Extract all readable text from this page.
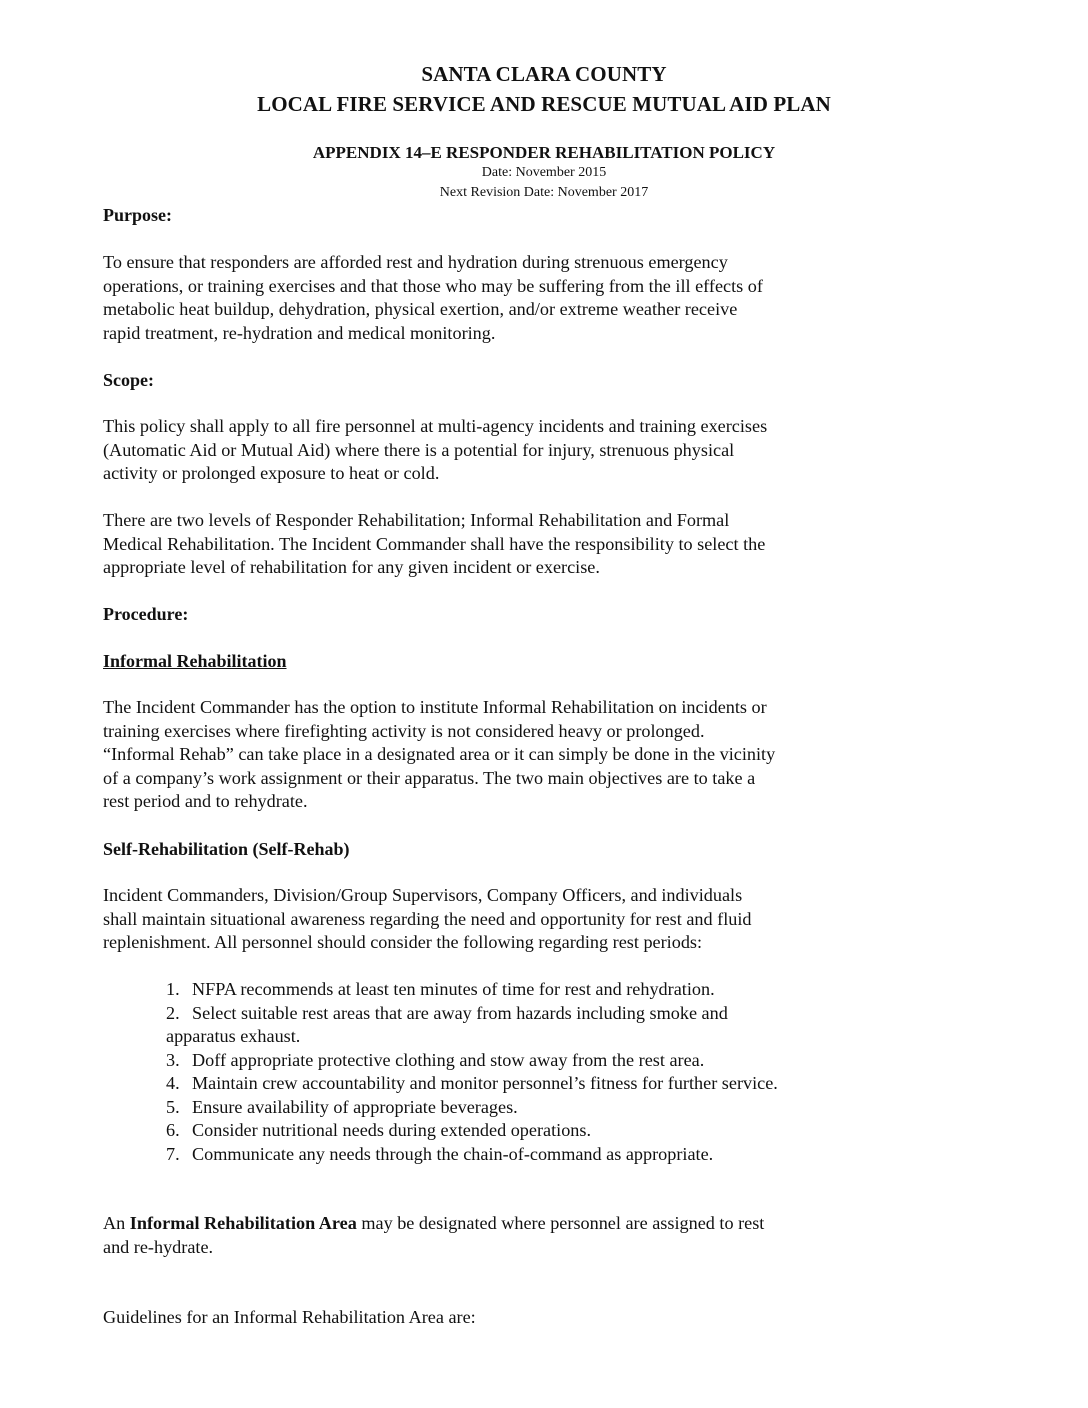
SANTA CLARA COUNTY
LOCAL FIRE SERVICE AND RESCUE MUTUAL AID PLAN
APPENDIX 14–E RESPONDER REHABILITATION POLICY
Date: November 2015
Next Revision Date: November 2017
Purpose:
To ensure that responders are afforded rest and hydration during strenuous emergency
operations, or training exercises and that those who may be suffering from the ill effects of
metabolic heat buildup, dehydration, physical exertion, and/or extreme weather receive
rapid treatment, re-hydration and medical monitoring.
Scope:
This policy shall apply to all fire personnel at multi-agency incidents and training exercises
(Automatic Aid or Mutual Aid) where there is a potential for injury, strenuous physical
activity or prolonged exposure to heat or cold.
There are two levels of Responder Rehabilitation; Informal Rehabilitation and Formal
Medical Rehabilitation. The Incident Commander shall have the responsibility to select the
appropriate level of rehabilitation for any given incident or exercise.
Procedure:
Informal Rehabilitation
The Incident Commander has the option to institute Informal Rehabilitation on incidents or
training exercises where firefighting activity is not considered heavy or prolonged.
“Informal Rehab” can take place in a designated area or it can simply be done in the vicinity
of a company’s work assignment or their apparatus. The two main objectives are to take a
rest period and to rehydrate.
Self-Rehabilitation (Self-Rehab)
Incident Commanders, Division/Group Supervisors, Company Officers, and individuals
shall maintain situational awareness regarding the need and opportunity for rest and fluid
replenishment. All personnel should consider the following regarding rest periods:
1. NFPA recommends at least ten minutes of time for rest and rehydration.
2. Select suitable rest areas that are away from hazards including smoke and
apparatus exhaust.
3. Doff appropriate protective clothing and stow away from the rest area.
4. Maintain crew accountability and monitor personnel’s fitness for further service.
5. Ensure availability of appropriate beverages.
6. Consider nutritional needs during extended operations.
7. Communicate any needs through the chain-of-command as appropriate.
An Informal Rehabilitation Area may be designated where personnel are assigned to rest
and re-hydrate.
Guidelines for an Informal Rehabilitation Area are:
